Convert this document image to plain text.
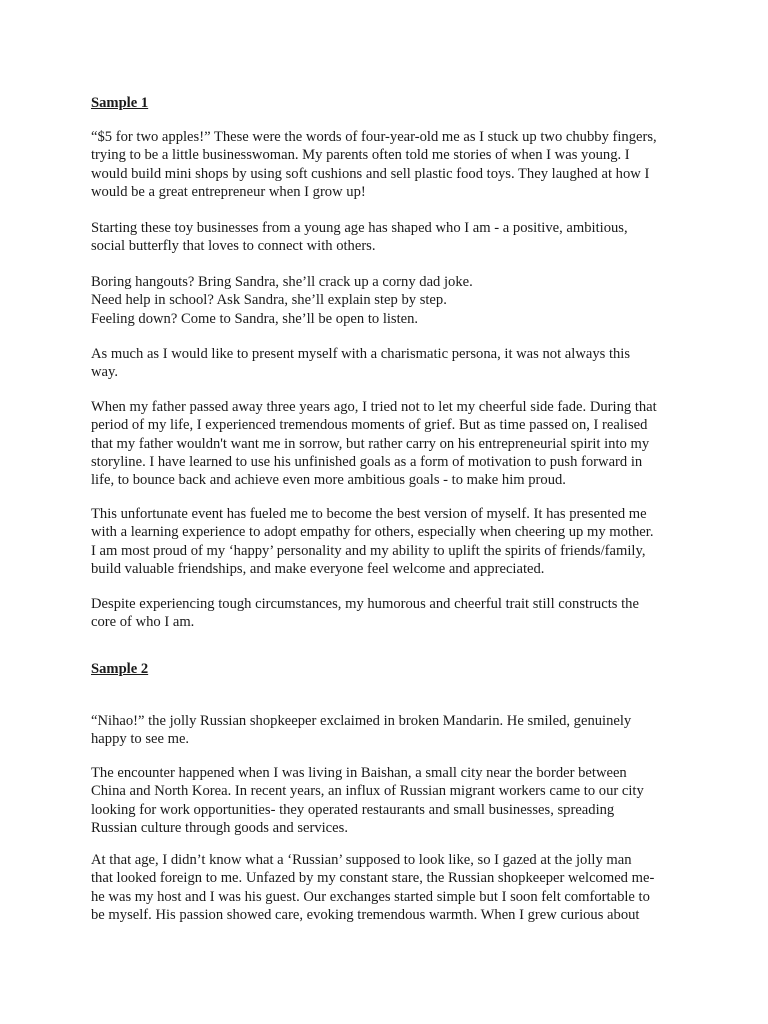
Sample 1
“$5 for two apples!” These were the words of four-year-old me as I stuck up two chubby fingers,
trying to be a little businesswoman. My parents often told me stories of when I was young. I
would build mini shops by using soft cushions and sell plastic food toys. They laughed at how I
would be a great entrepreneur when I grow up!
Starting these toy businesses from a young age has shaped who I am - a positive, ambitious,
social butterfly that loves to connect with others.
Boring hangouts? Bring Sandra, she’ll crack up a corny dad joke.
Need help in school? Ask Sandra, she’ll explain step by step.
Feeling down? Come to Sandra, she’ll be open to listen.
As much as I would like to present myself with a charismatic persona, it was not always this
way.
When my father passed away three years ago, I tried not to let my cheerful side fade. During that
period of my life, I experienced tremendous moments of grief. But as time passed on, I realised
that my father wouldn't want me in sorrow, but rather carry on his entrepreneurial spirit into my
storyline. I have learned to use his unfinished goals as a form of motivation to push forward in
life, to bounce back and achieve even more ambitious goals - to make him proud.
This unfortunate event has fueled me to become the best version of myself. It has presented me
with a learning experience to adopt empathy for others, especially when cheering up my mother.
I am most proud of my ‘happy’ personality and my ability to uplift the spirits of friends/family,
build valuable friendships, and make everyone feel welcome and appreciated.
Despite experiencing tough circumstances, my humorous and cheerful trait still constructs the
core of who I am.
Sample 2
“Nihao!” the jolly Russian shopkeeper exclaimed in broken Mandarin. He smiled, genuinely
happy to see me.
The encounter happened when I was living in Baishan, a small city near the border between
China and North Korea. In recent years, an influx of Russian migrant workers came to our city
looking for work opportunities- they operated restaurants and small businesses, spreading
Russian culture through goods and services.
At that age, I didn’t know what a ‘Russian’ supposed to look like, so I gazed at the jolly man
that looked foreign to me. Unfazed by my constant stare, the Russian shopkeeper welcomed me-
he was my host and I was his guest. Our exchanges started simple but I soon felt comfortable to
be myself. His passion showed care, evoking tremendous warmth. When I grew curious about
